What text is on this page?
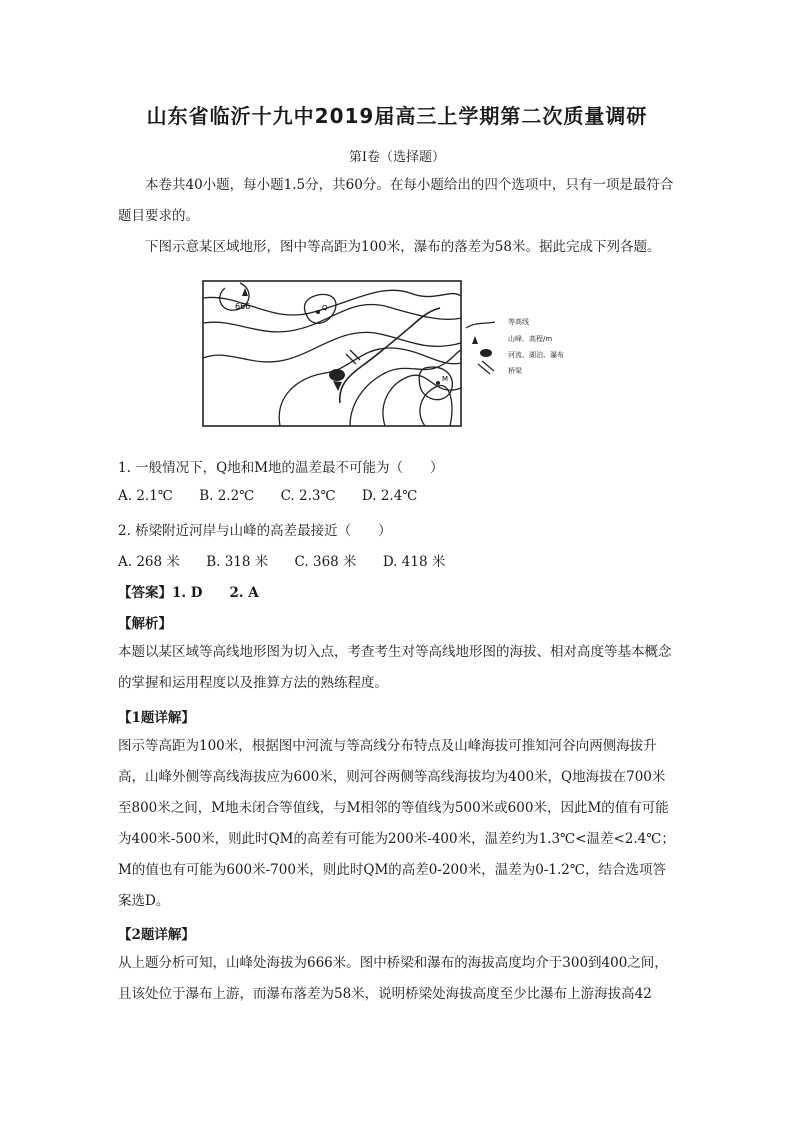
山东省临沂十九中2019届高三上学期第二次质量调研
第I卷（选择题）

本卷共40小题，每小题1.5分，共60分。在每小题给出的四个选项中，只有一项是最符合题目要求的。

下图示意某区域地形，图中等高距为100米，瀑布的落差为58米。据此完成下列各题。

666	Q
M
等高线
山峰、高程/m
河流、湖泊、瀑布
桥梁
1. 一般情况下，Q地和M地的温差最不可能为（　　）
A. 2.1℃ B. 2.2℃ C. 2.3℃ D. 2.4℃
2. 桥梁附近河岸与山峰的高差最接近（　　）
A. 268 米 B. 318 米 C. 368 米 D. 418 米
【答案】1. D　　2. A
【解析】

本题以某区域等高线地形图为切入点，考查考生对等高线地形图的海拔、相对高度等基本概念的掌握和运用程度以及推算方法的熟练程度。

【1题详解】

图示等高距为100米，根据图中河流与等高线分布特点及山峰海拔可推知河谷向两侧海拔升高，山峰外侧等高线海拔应为600米，则河谷两侧等高线海拔均为400米，Q地海拔在700米至800米之间，M地未闭合等值线，与M相邻的等值线为500米或600米，因此M的值有可能为400米-500米，则此时QM的高差有可能为200米-400米，温差约为1.3℃<温差<2.4℃；M的值也有可能为600米-700米，则此时QM的高差0-200米，温差为0-1.2℃，结合选项答案选D。

【2题详解】

从上题分析可知，山峰处海拔为666米。图中桥梁和瀑布的海拔高度均介于300到400之间，且该处位于瀑布上游，而瀑布落差为58米，说明桥梁处海拔高度至少比瀑布上游海拔高42
